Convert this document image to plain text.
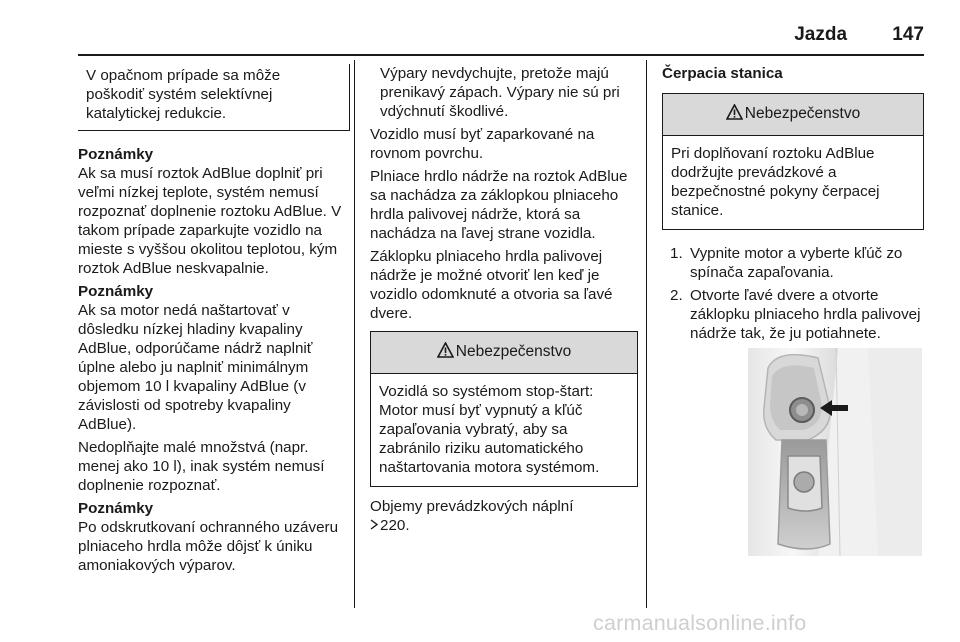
Jazda 147
V opačnom prípade sa môže poškodiť systém selektívnej katalytickej redukcie.

Poznámky
Ak sa musí roztok AdBlue doplniť pri veľmi nízkej teplote, systém nemusí rozpoznať doplnenie roztoku AdBlue. V takom prípade zaparkujte vozidlo na mieste s vyššou okolitou teplotou, kým roztok AdBlue neskvapalnie.

Poznámky
Ak sa motor nedá naštartovať v dôsledku nízkej hladiny kvapaliny AdBlue, odporúčame nádrž naplniť úplne alebo ju naplniť minimálnym objemom 10 l kvapaliny AdBlue (v závislosti od spotreby kvapaliny AdBlue).

Nedoplňajte malé množstvá (napr. menej ako 10 l), inak systém nemusí doplnenie rozpoznať.

Poznámky
Po odskrutkovaní ochranného uzáveru plniaceho hrdla môže dôjsť k úniku amoniakových výparov.

Výpary nevdychujte, pretože majú prenikavý zápach. Výpary nie sú pri vdýchnutí škodlivé.

Vozidlo musí byť zaparkované na rovnom povrchu.

Plniace hrdlo nádrže na roztok AdBlue sa nachádza za záklopkou plniaceho hrdla palivovej nádrže, ktorá sa nachádza na ľavej strane vozidla.

Záklopku plniaceho hrdla palivovej nádrže je možné otvoriť len keď je vozidlo odomknuté a otvoria sa ľavé dvere.

Nebezpečenstvo
Vozidlá so systémom stop-štart: Motor musí byť vypnutý a kľúč zapaľovania vybratý, aby sa zabránilo riziku automatického naštartovania motora systémom.

Objemy prevádzkových náplní
220.

Čerpacia stanica

Nebezpečenstvo
Pri doplňovaní roztoku AdBlue dodržujte prevádzkové a bezpečnostné pokyny čerpacej stanice.
1. Vypnite motor a vyberte kľúč zo spínača zapaľovania.
2. Otvorte ľavé dvere a otvorte záklopku plniaceho hrdla palivovej nádrže tak, že ju potiahnete.
carmanualsonline.info
